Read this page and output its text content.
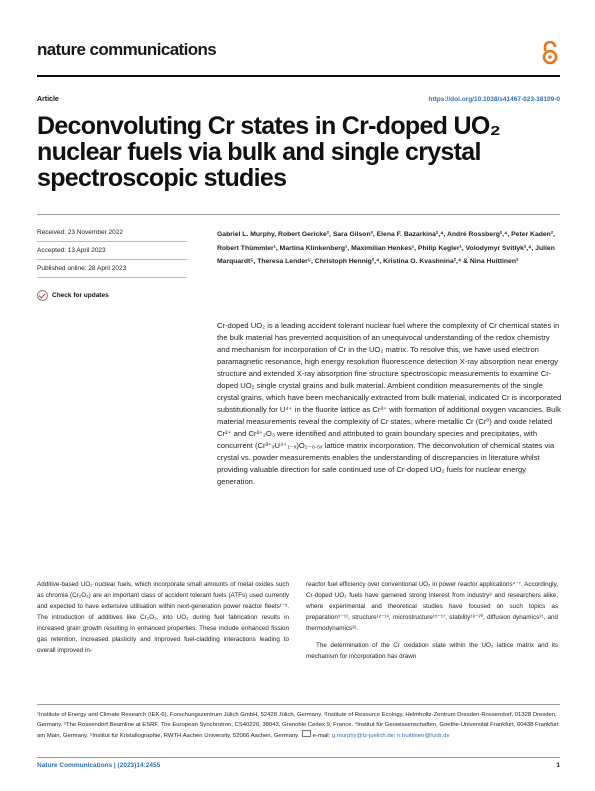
nature communications
Article	https://doi.org/10.1038/s41467-023-38109-0
Deconvoluting Cr states in Cr-doped UO₂ nuclear fuels via bulk and single crystal spectroscopic studies
Received: 23 November 2022
Accepted: 13 April 2023
Published online: 28 April 2023
Check for updates
Gabriel L. Murphy, Robert Gericke², Sara Gilson³, Elena F. Bazarkina²,⁴, André Rossberg²,⁴, Peter Kaden², Robert Thümmler¹, Martina Klinkenberg¹, Maximilian Henkes¹, Philip Kegler¹, Volodymyr Svitlyk²,⁴, Julien Marquardt⁵, Theresa Lender⁵, Christoph Hennig²,⁴, Kristina O. Kvashnina²,⁴ & Nina Huittinen²
Cr-doped UO₂ is a leading accident tolerant nuclear fuel where the complexity of Cr chemical states in the bulk material has prevented acquisition of an unequivocal understanding of the redox chemistry and mechanism for incorporation of Cr in the UO₂ matrix. To resolve this, we have used electron paramagnetic resonance, high energy resolution fluorescence detection X-ray absorption near energy structure and extended X-ray absorption fine structure spectroscopic measurements to examine Cr-doped UO₂ single crystal grains and bulk material. Ambient condition measurements of the single crystal grains, which have been mechanically extracted from bulk material, indicated Cr is incorporated substitutionally for U⁴⁺ in the fluorite lattice as Cr³⁺ with formation of additional oxygen vacancies. Bulk material measurements reveal the complexity of Cr states, where metallic Cr (Cr⁰) and oxide related Cr²⁺ and Cr³⁺₂O₃ were identified and attributed to grain boundary species and precipitates, with concurrent (Cr³⁺ₓU⁴⁺₁₋ₓ)O₂₋₀.₅ₓ lattice matrix incorporation. The deconvolution of chemical states via crystal vs. powder measurements enables the understanding of discrepancies in literature whilst providing valuable direction for safe continued use of Cr-doped UO₂ fuels for nuclear energy generation.
Additive-based UO₂ nuclear fuels, which incorporate small amounts of metal oxides such as chromia (Cr₂O₃) are an important class of accident tolerant fuels (ATFs) used currently and expected to have extensive utilisation within next-generation power reactor fleets¹⁻³. The introduction of additives like Cr₂O₃, into UO₂ during fuel fabrication results in increased grain growth resulting in enhanced properties. These include enhanced fission gas retention, increased plasticity and improved fuel-cladding interactions leading to overall improved in-

reactor fuel efficiency over conventional UO₂ in power reactor applications⁴⁻⁷. Accordingly, Cr-doped UO₂ fuels have garnered strong interest from industry⁸ and researchers alike, where experimental and theoretical studies have focused on such topics as preparation⁹⁻¹¹, structure¹²⁻¹⁴, microstructure¹⁵⁻¹⁷, stability¹⁸⁻²⁰, diffusion dynamics²¹, and thermodynamics²².

The determination of the Cr oxidation state within the UO₂ lattice matrix and its mechanism for incorporation has drawn

¹Institute of Energy and Climate Research (IEK-6), Forschungszentrum Jülich GmbH, 52428 Jülich, Germany. ²Institute of Resource Ecology, Helmholtz-Zentrum Dresden-Rossendorf, 01328 Dresden, Germany. ³The Rossendorf Beamline at ESRF, The European Synchrotron, CS40220, 38043, Grenoble Cedex 9, France. ⁴Institut für Geowissenschaften, Goethe-Universität Frankfurt, 60438 Frankfurt am Main, Germany. ⁵Institut für Kristallographie, RWTH Aachen University, 52066 Aachen, Germany. e-mail: g.murphy@fz-juelich.de; n.huittinen@hzdr.de
Nature Communications | (2023)14:2455	1
